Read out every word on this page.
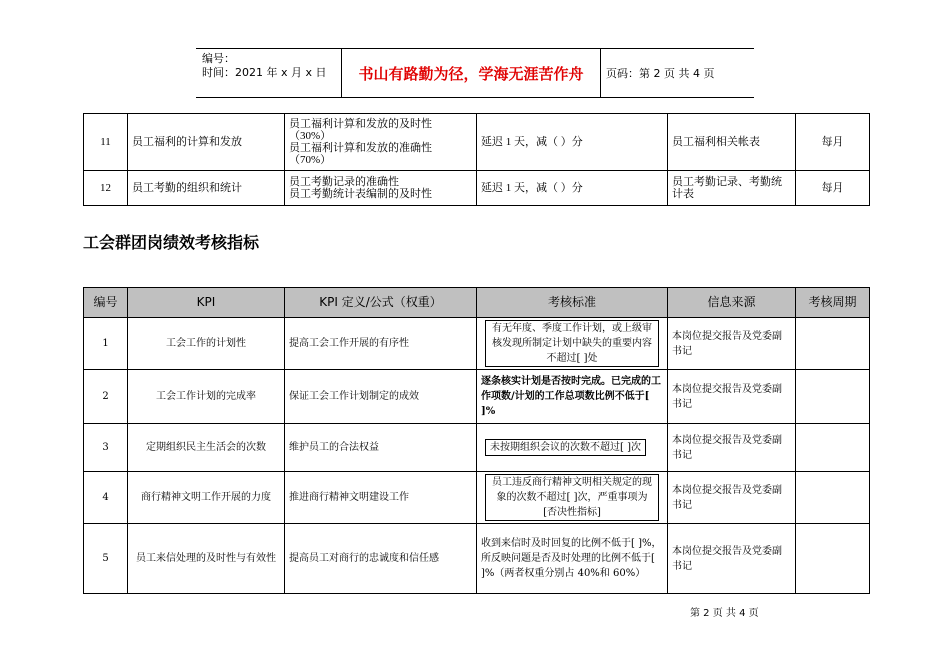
编号：
时间：2021 年 x 月 x 日	书山有路勤为径，学海无涯苦作舟	页码：第 2 页 共 4 页
11	员工福利的计算和发放	员工福利计算和发放的及时性
（30%）
员工福利计算和发放的准确性
（70%）	延迟 1 天，减（ ）分	员工福利相关帐表	每月
12	员工考勤的组织和统计	员工考勤记录的准确性
员工考勤统计表编制的及时性	延迟 1 天，减（ ）分	员工考勤记录、考勤统计表	每月
工会群团岗绩效考核指标
编号	KPI	KPI 定义/公式（权重）	考核标准	信息来源	考核周期
1	工会工作的计划性	提高工会工作开展的有序性	有无年度、季度工作计划，或上级审核发现所制定计划中缺失的重要内容不超过[ ]处	本岗位提交报告及党委副书记	
2	工会工作计划的完成率	保证工会工作计划制定的成效	逐条核实计划是否按时完成。已完成的工作项数/计划的工作总项数比例不低于[ ]%	本岗位提交报告及党委副书记	
3	定期组织民主生活会的次数	维护员工的合法权益	未按期组织会议的次数不超过[ ]次	本岗位提交报告及党委副书记	
4	商行精神文明工作开展的力度	推进商行精神文明建设工作	员工违反商行精神文明相关规定的现象的次数不超过[ ]次，严重事项为[否决性指标]	本岗位提交报告及党委副书记	
5	员工来信处理的及时性与有效性	提高员工对商行的忠诚度和信任感	收到来信时及时回复的比例不低于[ ]%，所反映问题是否及时处理的比例不低于[ ]%（两者权重分别占 40%和 60%）	本岗位提交报告及党委副书记	
第 2 页 共 4 页
